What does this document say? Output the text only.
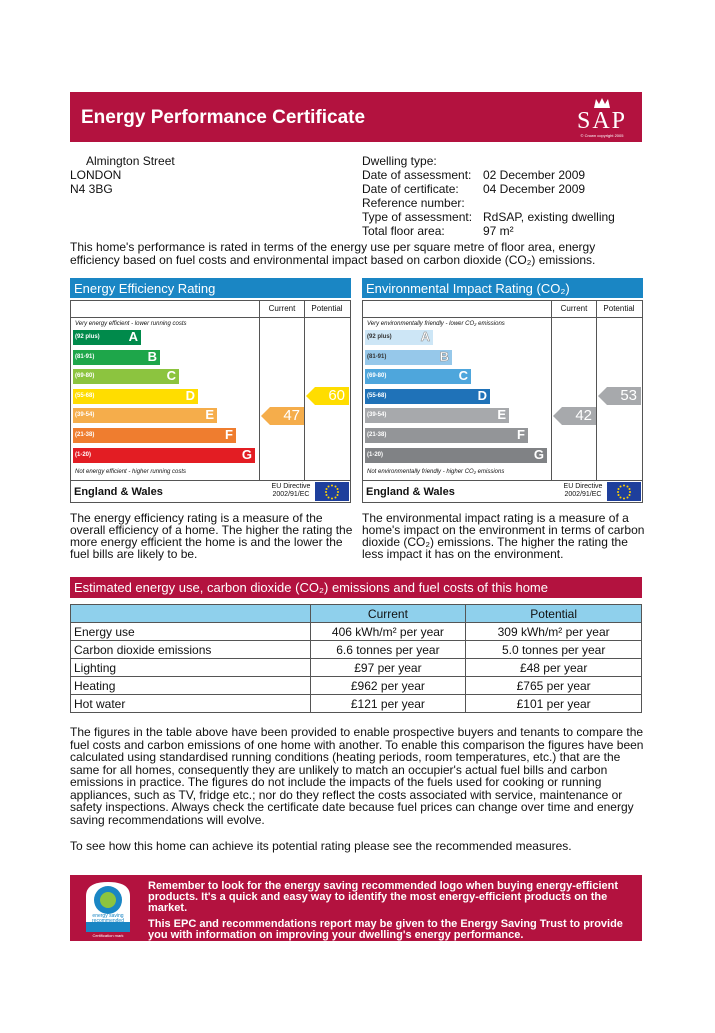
Energy Performance Certificate	SAP
© Crown copyright 2005
Almington Street
LONDON
N4 3BG
Dwelling type:
Date of assessment: 02 December 2009
Date of certificate: 04 December 2009
Reference number:
Type of assessment: RdSAP, existing dwelling
Total floor area:	97 m²
This home's performance is rated in terms of the energy use per square metre of floor area, energy efficiency based on fuel costs and environmental impact based on carbon dioxide (CO₂) emissions.
Energy Efficiency Rating
Current	Potential
Very energy efficient - lower running costs
Not energy efficient - higher running costs
(92 plus) A
(81-91)	B
(69-80)	C
(55-68)	D
(39-54)	E
(21-38)	F
(1-20)	G
47
60
England & Wales	EU Directive 2002/91/EC
Environmental Impact Rating (CO₂)
Current	Potential
Very environmentally friendly - lower CO₂ emissions
Not environmentally friendly - higher CO₂ emissions
(92 plus) A
(81-91)	B
(69-80)	C
(55-68)	D
(39-54)	E
(21-38)	F
(1-20)	G
42
53
England & Wales	EU Directive 2002/91/EC
The energy efficiency rating is a measure of the overall efficiency of a home. The higher the rating the more energy efficient the home is and the lower the fuel bills are likely to be.
The environmental impact rating is a measure of a home's impact on the environment in terms of carbon dioxide (CO₂) emissions. The higher the rating the less impact it has on the environment.
Estimated energy use, carbon dioxide (CO₂) emissions and fuel costs of this home
	Current	Potential
Energy use	406 kWh/m² per year	309 kWh/m² per year
Carbon dioxide emissions	6.6 tonnes per year	5.0 tonnes per year
Lighting	£97 per year	£48 per year
Heating	£962 per year	£765 per year
Hot water	£121 per year	£101 per year
The figures in the table above have been provided to enable prospective buyers and tenants to compare the fuel costs and carbon emissions of one home with another. To enable this comparison the figures have been calculated using standardised running conditions (heating periods, room temperatures, etc.) that are the same for all homes, consequently they are unlikely to match an occupier's actual fuel bills and carbon emissions in practice. The figures do not include the impacts of the fuels used for cooking or running appliances, such as TV, fridge etc.; nor do they reflect the costs associated with service, maintenance or safety inspections. Always check the certificate date because fuel prices can change over time and energy saving recommendations will evolve.
To see how this home can achieve its potential rating please see the recommended measures.
energy saving recommended
Certification mark
Remember to look for the energy saving recommended logo when buying energy-efficient products. It's a quick and easy way to identify the most energy-efficient products on the market.
This EPC and recommendations report may be given to the Energy Saving Trust to provide you with information on improving your dwelling's energy performance.
